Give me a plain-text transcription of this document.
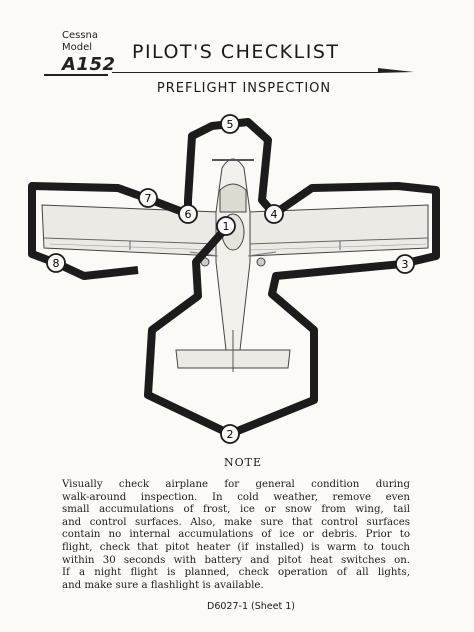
Cessna
Model
A152
PILOT'S CHECKLIST
PREFLIGHT INSPECTION
1
2
3
4
5
6
7
8
NOTE
Visually check airplane for general condition during
walk-around inspection. In cold weather, remove even
small accumulations of frost, ice or snow from wing, tail
and control surfaces. Also, make sure that control surfaces
contain no internal accumulations of ice or debris. Prior to
flight, check that pitot heater (if installed) is warm to touch
within 30 seconds with battery and pitot heat switches on.
If a night flight is planned, check operation of all lights,
and make sure a flashlight is available.
D6027-1 (Sheet 1)
